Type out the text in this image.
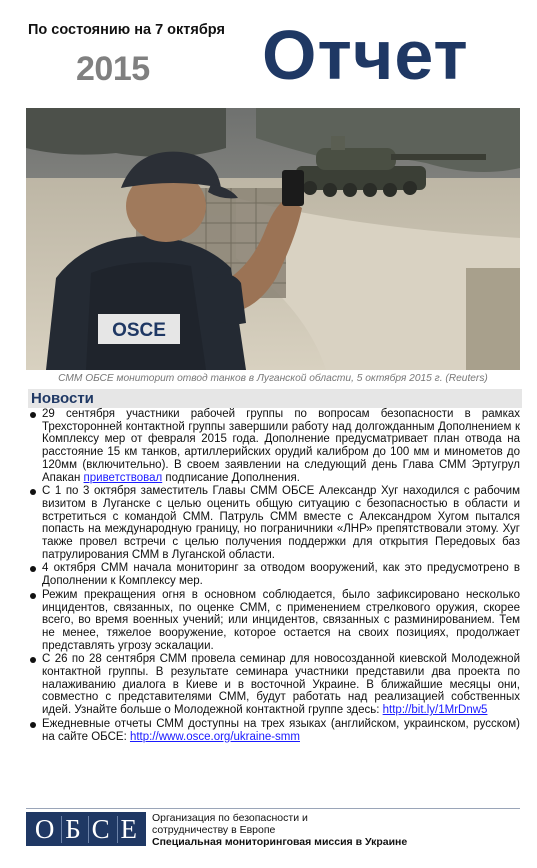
По состоянию на 7 октября
2015 Отчет
OSCE
СММ ОБСЕ мониторит отвод танков в Луганской области, 5 октября 2015 г. (Reuters)
Новости
29 сентября участники рабочей группы по вопросам безопасности в рамках Трехсторонней контактной группы завершили работу над долгожданным Дополнением к Комплексу мер от февраля 2015 года. Дополнение предусматривает план отвода на расстояние 15 км танков, артиллерийских орудий калибром до 100 мм и минометов до 120мм (включительно). В своем заявлении на следующий день Глава СММ Эртугрул Апакан приветствовал подписание Дополнения.
С 1 по 3 октября заместитель Главы СММ ОБСЕ Александр Хуг находился с рабочим визитом в Луганске с целью оценить общую ситуацию с безопасностью в области и встретиться с командой СММ. Патруль СММ вместе с Александром Хугом пытался попасть на международную границу, но пограничники «ЛНР» препятствовали этому. Хуг также провел встречи с целью получения поддержки для открытия Передовых баз патрулирования СММ в Луганской области.
4 октября СММ начала мониторинг за отводом вооружений, как это предусмотрено в Дополнении к Комплексу мер.
Режим прекращения огня в основном соблюдается, было зафиксировано несколько инцидентов, связанных, по оценке СММ, с применением стрелкового оружия, скорее всего, во время военных учений; или инцидентов, связанных с разминированием. Тем не менее, тяжелое вооружение, которое остается на своих позициях, продолжает представлять угрозу эскалации.
С 26 по 28 сентября СММ провела семинар для новосозданной киевской Молодежной контактной группы. В результате семинара участники представили два проекта по налаживанию диалога в Киеве и в восточной Украине. В ближайшие месяцы они, совместно с представителями СММ, будут работать над реализацией собственных идей. Узнайте больше о Молодежной контактной группе здесь: http://bit.ly/1MrDnw5
Ежедневные отчеты СММ доступны на трех языках (английском, украинском, русском) на сайте ОБСЕ: http://www.osce.org/ukraine-smm
О Б С Е Организация по безопасности и
сотрудничеству в Европе
Специальная мониторинговая миссия в Украине
